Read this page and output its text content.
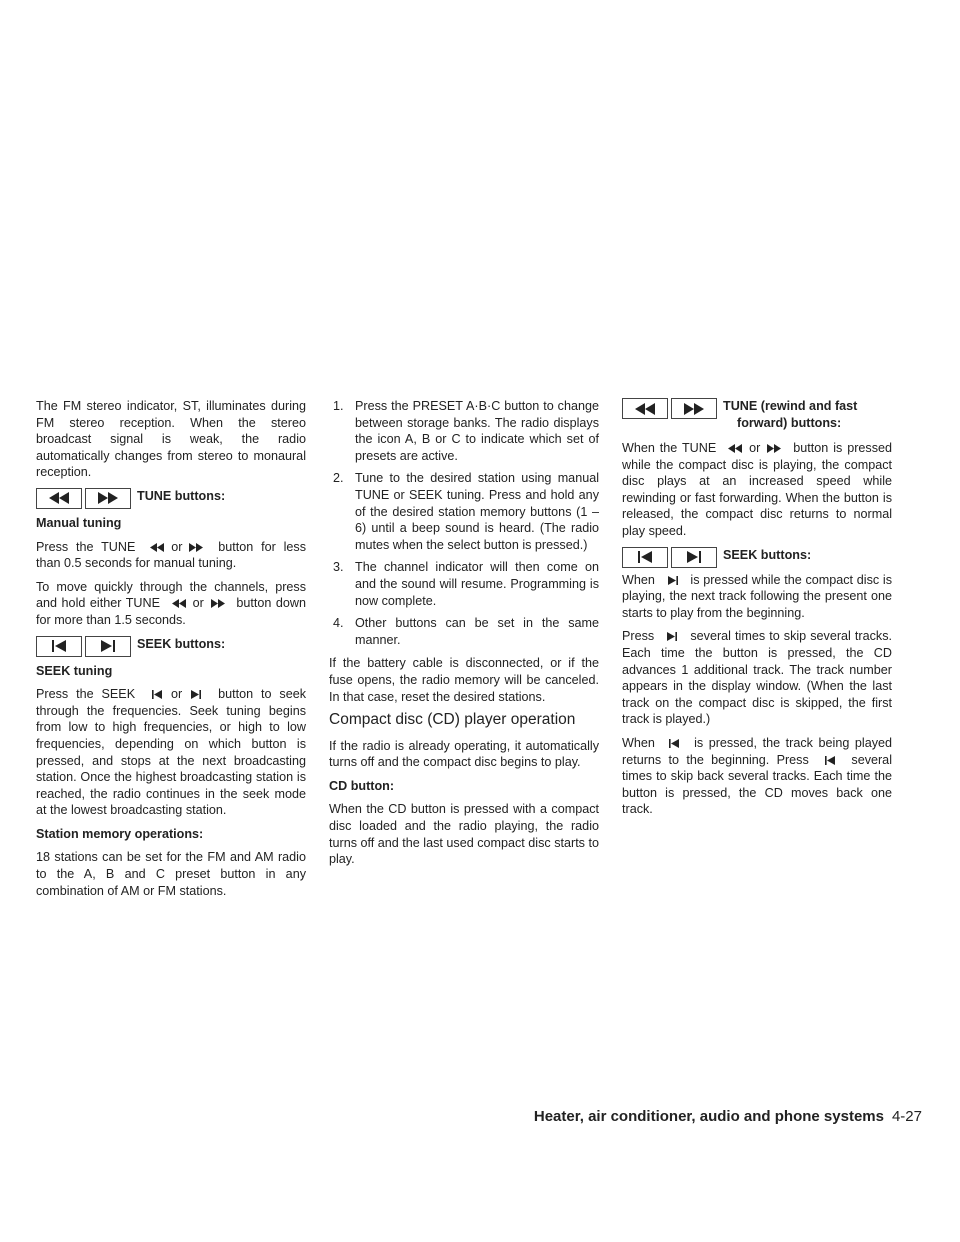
The FM stereo indicator, ST, illuminates during FM stereo reception. When the stereo broadcast signal is weak, the radio automatically changes from stereo to monaural reception.

TUNE buttons:

Manual tuning

Press the TUNE	or	button for less than 0.5 seconds for manual tuning.

To move quickly through the channels, press and hold either TUNE	or	button down for more than 1.5 seconds.

SEEK buttons:

SEEK tuning

Press the SEEK	or	button to seek through the frequencies. Seek tuning begins from low to high frequencies, or high to low frequencies, depending on which button is pressed, and stops at the next broadcasting station. Once the highest broadcasting station is reached, the radio continues in the seek mode at the lowest broadcasting station.

Station memory operations:

18 stations can be set for the FM and AM radio to the A, B and C preset button in any combination of AM or FM stations.

1. Press the PRESET A·B·C button to change between storage banks. The radio displays the icon A, B or C to indicate which set of presets are active.
2. Tune to the desired station using manual TUNE or SEEK tuning. Press and hold any of the desired station memory buttons (1 – 6) until a beep sound is heard. (The radio mutes when the select button is pressed.)
3. The channel indicator will then come on and the sound will resume. Programming is now complete.
4. Other buttons can be set in the same manner.

If the battery cable is disconnected, or if the fuse opens, the radio memory will be canceled. In that case, reset the desired stations.

Compact disc (CD) player operation

If the radio is already operating, it automatically turns off and the compact disc begins to play.

CD button:

When the CD button is pressed with a compact disc loaded and the radio playing, the radio turns off and the last used compact disc starts to play.

TUNE (rewind and fast
forward) buttons:

When the TUNE	or	button is pressed while the compact disc is playing, the compact disc plays at an increased speed while rewinding or fast forwarding. When the button is released, the compact disc returns to normal play speed.

SEEK buttons:

When	is pressed while the compact disc is playing, the next track following the present one starts to play from the beginning.

Press	several times to skip several tracks. Each time the button is pressed, the CD advances 1 additional track. The track number appears in the display window. (When the last track on the compact disc is skipped, the first track is played.)

When	is pressed, the track being played returns to the beginning. Press	several times to skip back several tracks. Each time the button is pressed, the CD moves back one track.

Heater, air conditioner, audio and phone systems 4-27
